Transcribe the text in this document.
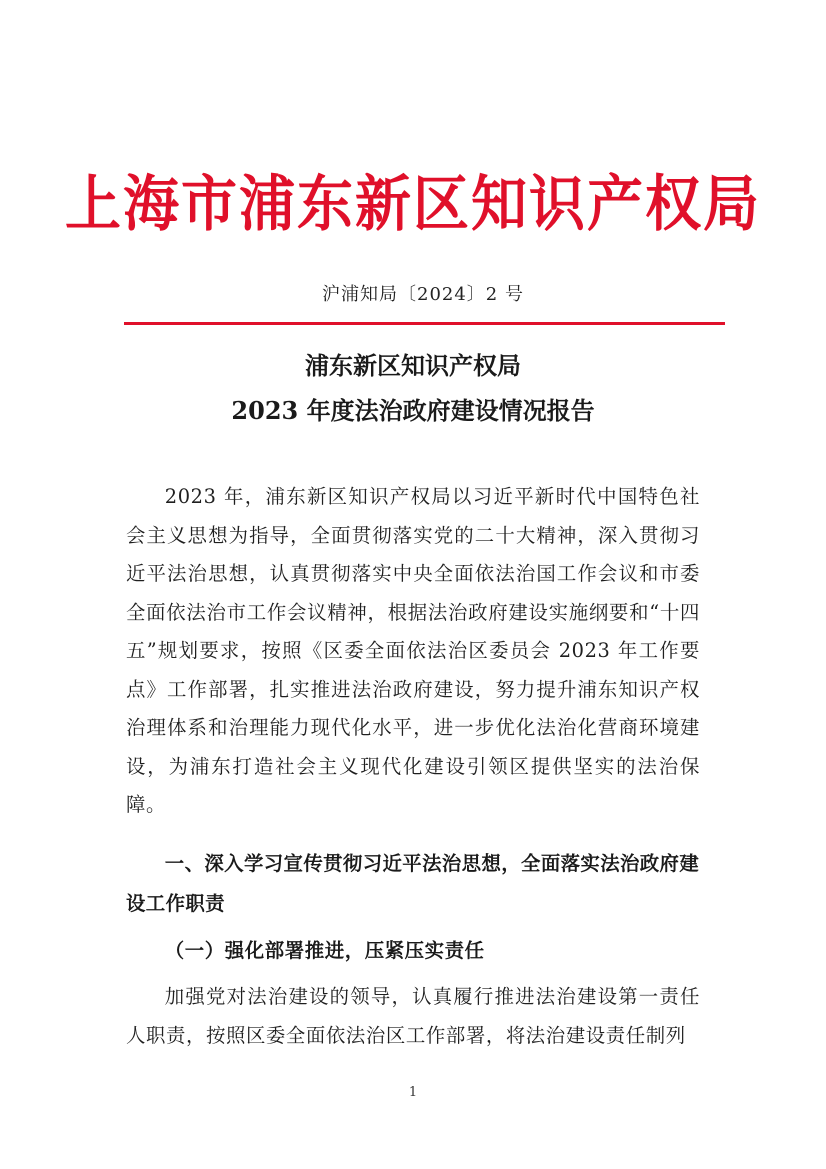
上海市浦东新区知识产权局
沪浦知局〔2024〕2 号
浦东新区知识产权局
2023 年度法治政府建设情况报告

2023 年，浦东新区知识产权局以习近平新时代中国特色社会主义思想为指导，全面贯彻落实党的二十大精神，深入贯彻习近平法治思想，认真贯彻落实中央全面依法治国工作会议和市委全面依法治市工作会议精神，根据法治政府建设实施纲要和“十四五”规划要求，按照《区委全面依法治区委员会 2023 年工作要点》工作部署，扎实推进法治政府建设，努力提升浦东知识产权治理体系和治理能力现代化水平，进一步优化法治化营商环境建设，为浦东打造社会主义现代化建设引领区提供坚实的法治保障。

一、深入学习宣传贯彻习近平法治思想，全面落实法治政府建设工作职责

（一）强化部署推进，压紧压实责任

加强党对法治建设的领导，认真履行推进法治建设第一责任人职责，按照区委全面依法治区工作部署，将法治建设责任制列

1
